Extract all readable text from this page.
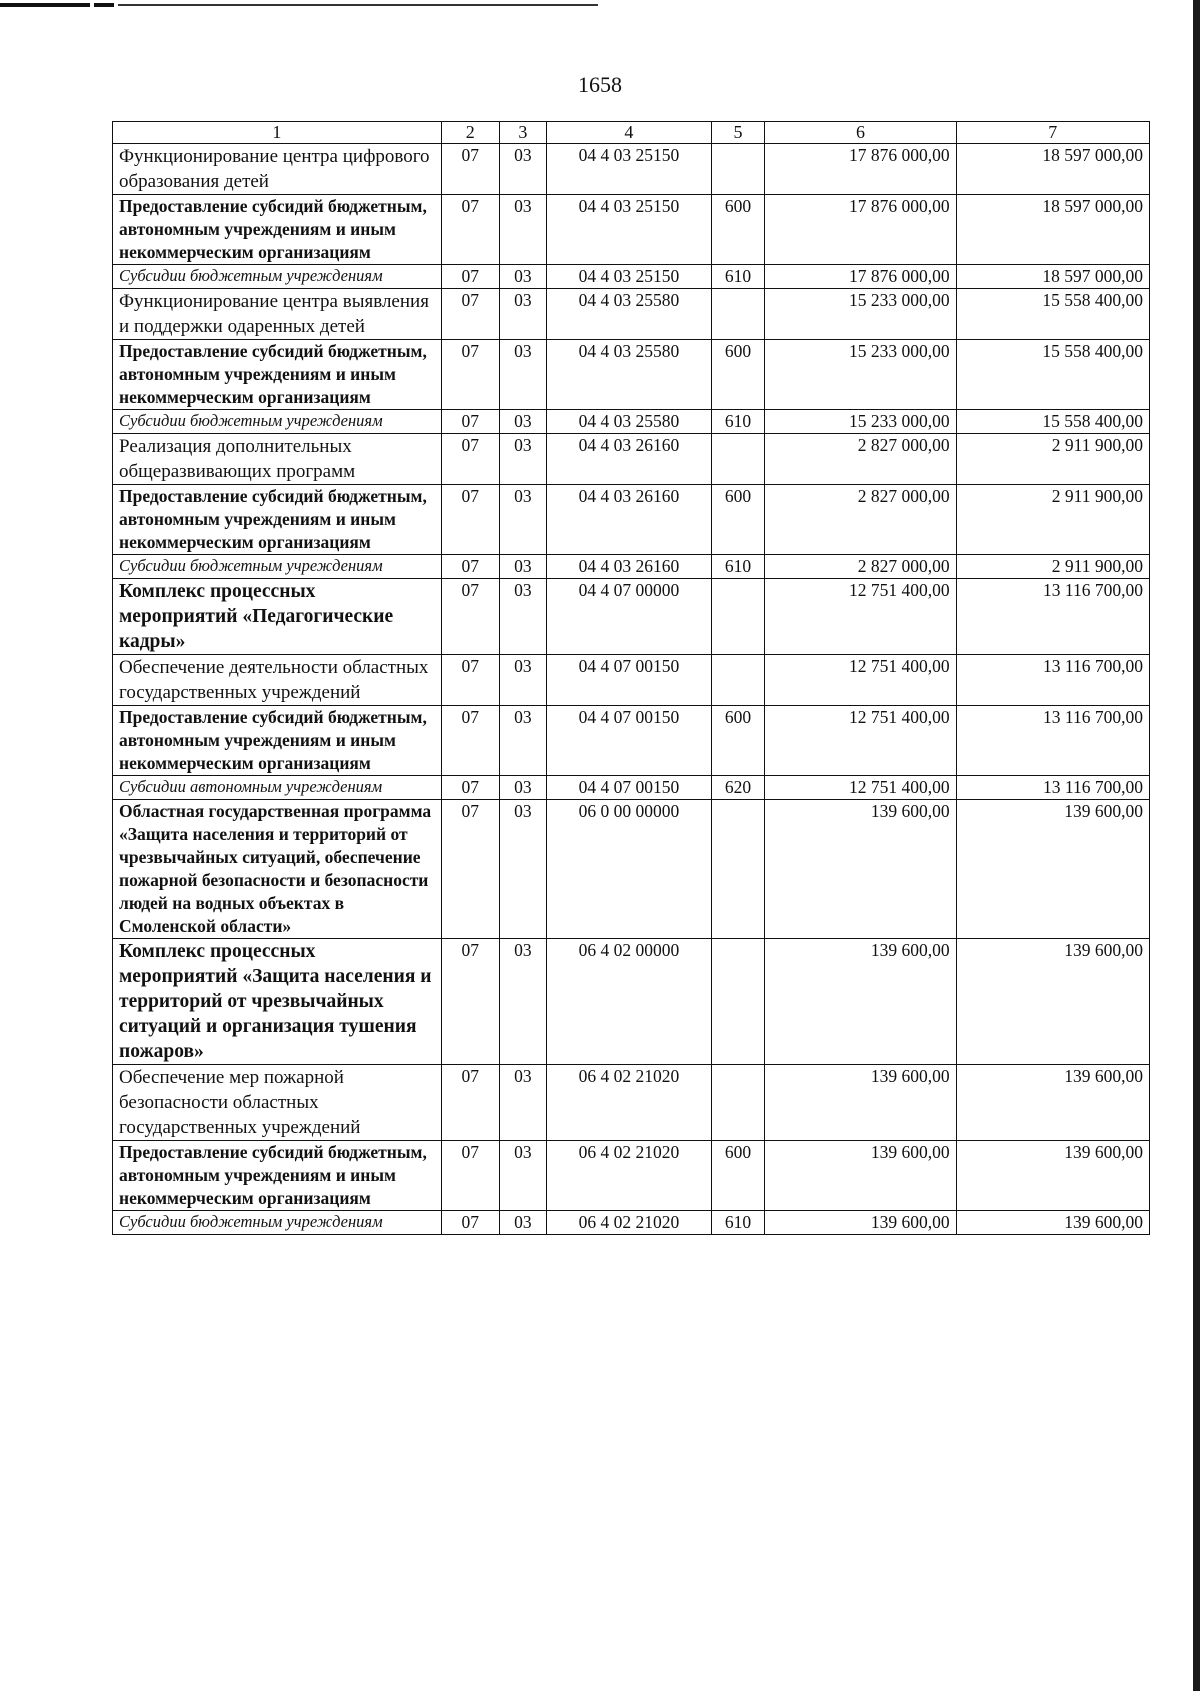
1658
1	2	3	4	5	6	7
Функционирование центра цифрового образования детей	07	03	04 4 03 25150		17 876 000,00	18 597 000,00
Предоставление субсидий бюджетным, автономным учреждениям и иным некоммерческим организациям	07	03	04 4 03 25150	600	17 876 000,00	18 597 000,00
Субсидии бюджетным учреждениям	07	03	04 4 03 25150	610	17 876 000,00	18 597 000,00
Функционирование центра выявления и поддержки одаренных детей	07	03	04 4 03 25580		15 233 000,00	15 558 400,00
Предоставление субсидий бюджетным, автономным учреждениям и иным некоммерческим организациям	07	03	04 4 03 25580	600	15 233 000,00	15 558 400,00
Субсидии бюджетным учреждениям	07	03	04 4 03 25580	610	15 233 000,00	15 558 400,00
Реализация дополнительных общеразвивающих программ	07	03	04 4 03 26160		2 827 000,00	2 911 900,00
Предоставление субсидий бюджетным, автономным учреждениям и иным некоммерческим организациям	07	03	04 4 03 26160	600	2 827 000,00	2 911 900,00
Субсидии бюджетным учреждениям	07	03	04 4 03 26160	610	2 827 000,00	2 911 900,00
Комплекс процессных мероприятий «Педагогические кадры»	07	03	04 4 07 00000		12 751 400,00	13 116 700,00
Обеспечение деятельности областных государственных учреждений	07	03	04 4 07 00150		12 751 400,00	13 116 700,00
Предоставление субсидий бюджетным, автономным учреждениям и иным некоммерческим организациям	07	03	04 4 07 00150	600	12 751 400,00	13 116 700,00
Субсидии автономным учреждениям	07	03	04 4 07 00150	620	12 751 400,00	13 116 700,00
Областная государственная программа «Защита населения и территорий от чрезвычайных ситуаций, обеспечение пожарной безопасности и безопасности людей на водных объектах в Смоленской области»	07	03	06 0 00 00000		139 600,00	139 600,00
Комплекс процессных мероприятий «Защита населения и территорий от чрезвычайных ситуаций и организация тушения пожаров»	07	03	06 4 02 00000		139 600,00	139 600,00
Обеспечение мер пожарной безопасности областных государственных учреждений	07	03	06 4 02 21020		139 600,00	139 600,00
Предоставление субсидий бюджетным, автономным учреждениям и иным некоммерческим организациям	07	03	06 4 02 21020	600	139 600,00	139 600,00
Субсидии бюджетным учреждениям	07	03	06 4 02 21020	610	139 600,00	139 600,00
